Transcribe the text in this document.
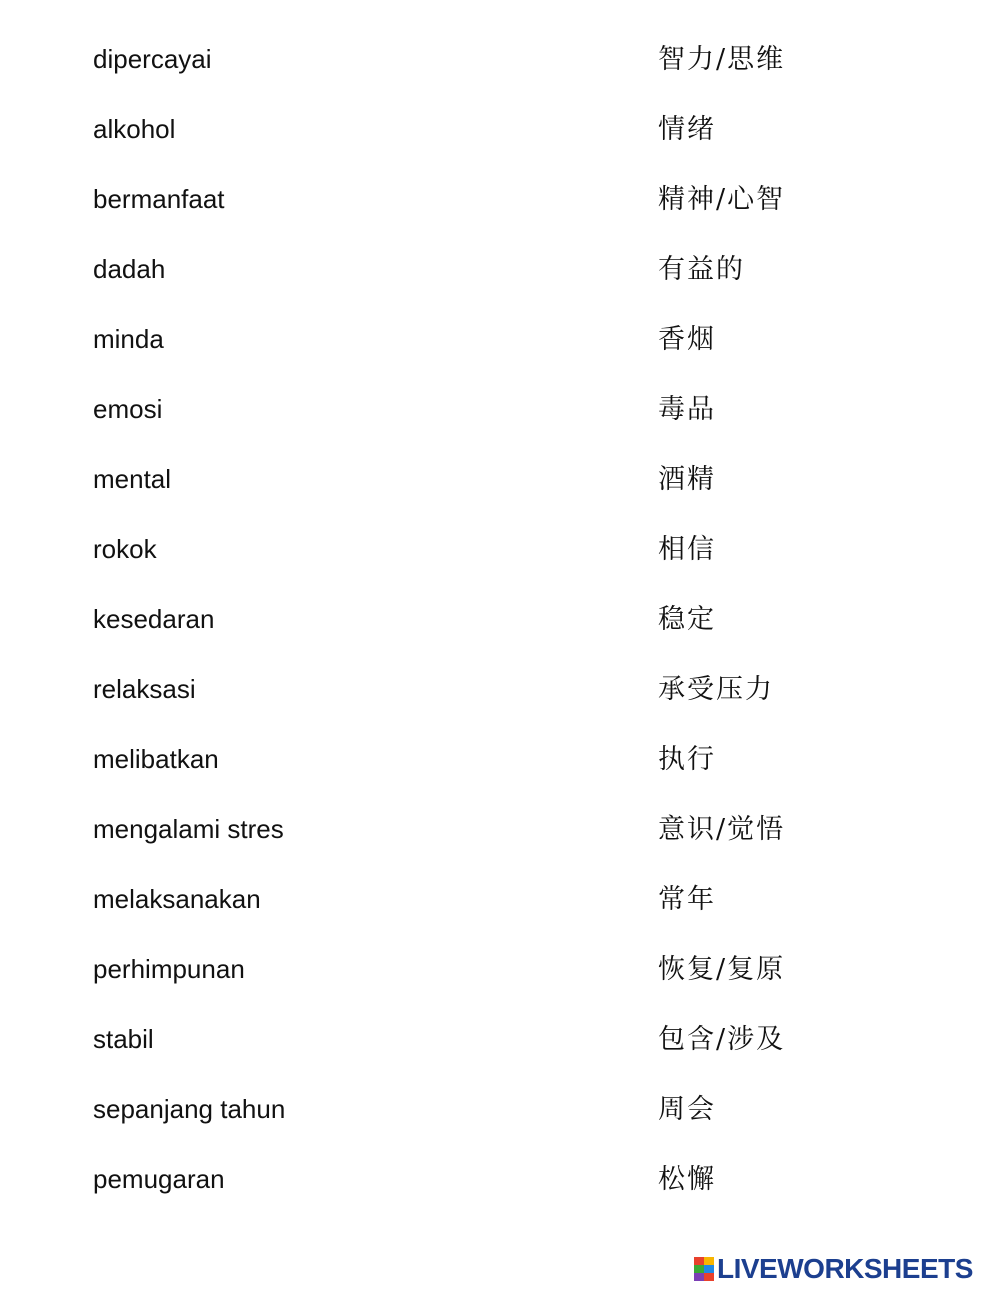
dipercayai	智力/思维
alkohol	情绪
bermanfaat	精神/心智
dadah	有益的
minda	香烟
emosi	毒品
mental	酒精
rokok	相信
kesedaran	稳定
relaksasi	承受压力
melibatkan	执行
mengalami stres	意识/觉悟
melaksanakan	常年
perhimpunan	恢复/复原
stabil	包含/涉及
sepanjang tahun	周会
pemugaran	松懈
LIVEWORKSHEETS
